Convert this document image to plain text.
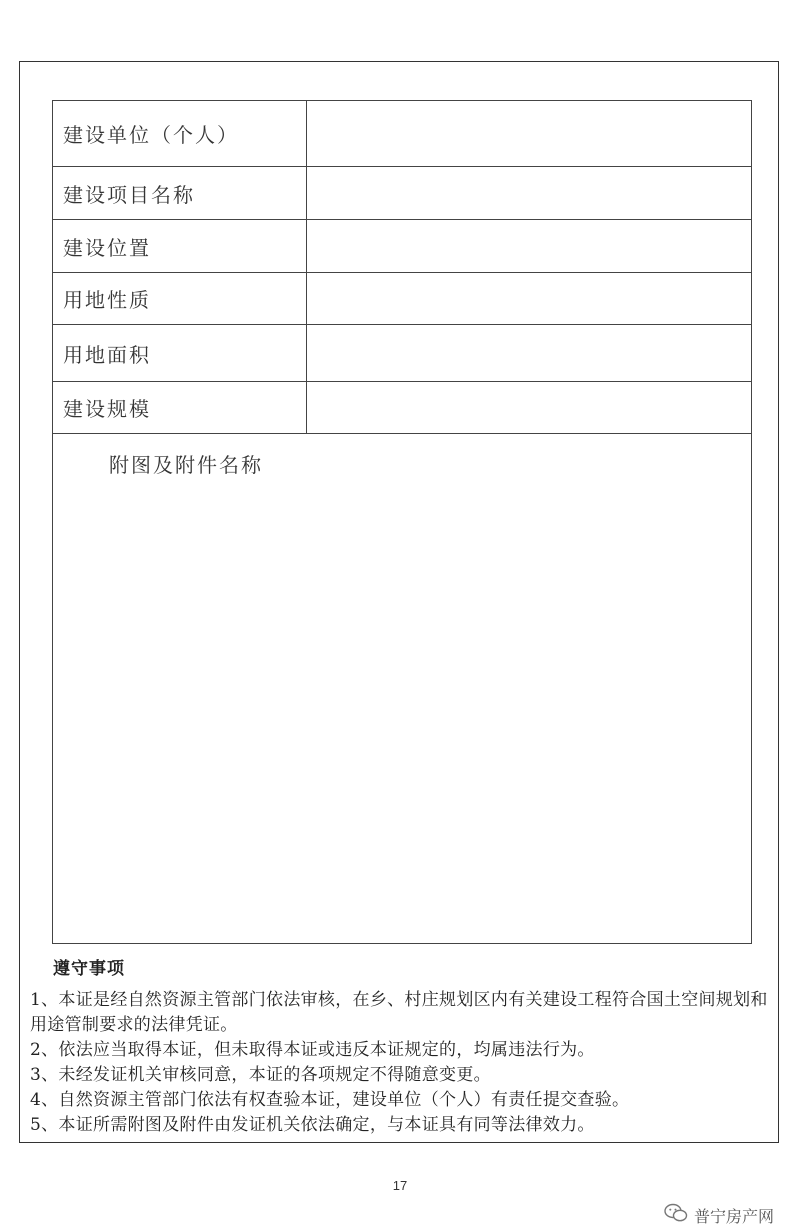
建设单位（个人）	
建设项目名称	
建设位置	
用地性质	
用地面积	
建设规模	
附图及附件名称
遵守事项

1、本证是经自然资源主管部门依法审核，在乡、村庄规划区内有关建设工程符合国土空间规划和用途管制要求的法律凭证。

2、依法应当取得本证，但未取得本证或违反本证规定的，均属违法行为。

3、未经发证机关审核同意，本证的各项规定不得随意变更。

4、自然资源主管部门依法有权查验本证，建设单位（个人）有责任提交查验。

5、本证所需附图及附件由发证机关依法确定，与本证具有同等法律效力。

17
普宁房产网
